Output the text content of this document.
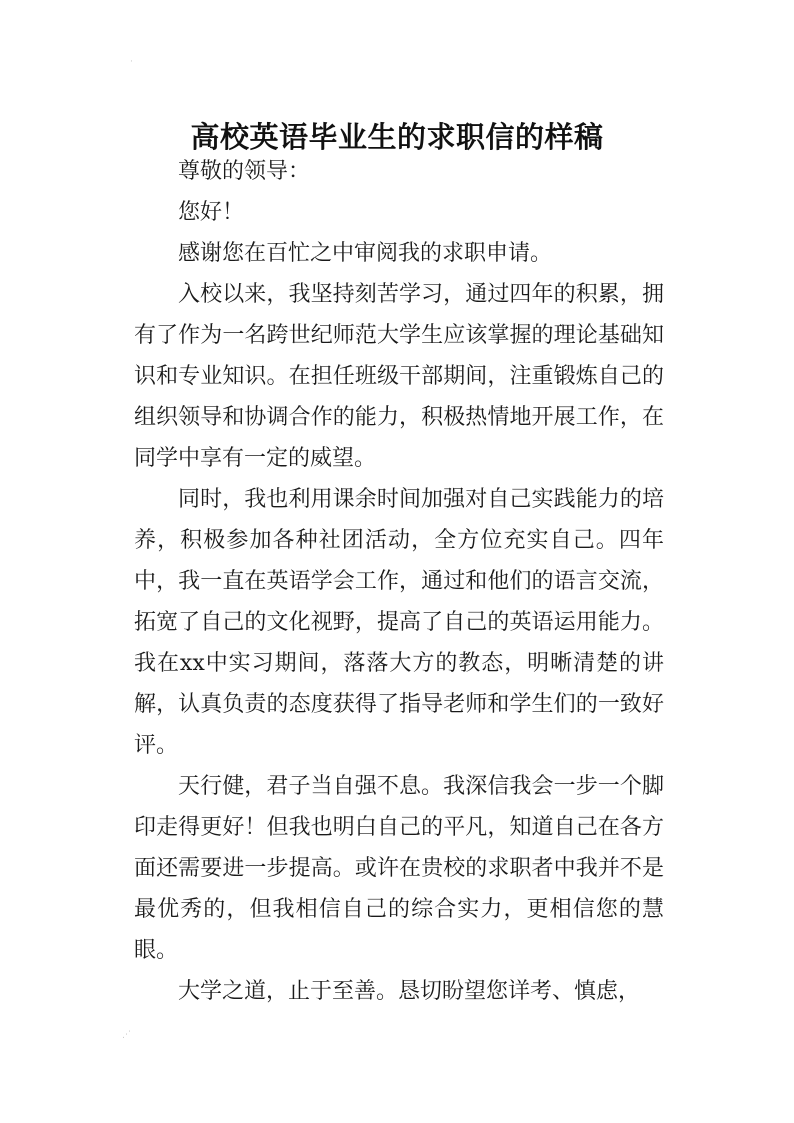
·
高校英语毕业生的求职信的样稿

尊敬的领导：

您好！

感谢您在百忙之中审阅我的求职申请。

入校以来，我坚持刻苦学习，通过四年的积累，拥有了作为一名跨世纪师范大学生应该掌握的理论基础知识和专业知识。在担任班级干部期间，注重锻炼自己的组织领导和协调合作的能力，积极热情地开展工作，在同学中享有一定的威望。

同时，我也利用课余时间加强对自己实践能力的培养，积极参加各种社团活动，全方位充实自己。四年中，我一直在英语学会工作，通过和他们的语言交流，拓宽了自己的文化视野，提高了自己的英语运用能力。我在xx中实习期间，落落大方的教态，明晰清楚的讲解，认真负责的态度获得了指导老师和学生们的一致好评。

天行健，君子当自强不息。我深信我会一步一个脚印走得更好！但我也明白自己的平凡，知道自己在各方面还需要进一步提高。或许在贵校的求职者中我并不是最优秀的，但我相信自己的综合实力，更相信您的慧眼。

大学之道，止于至善。恳切盼望您详考、慎虑，

⋰
